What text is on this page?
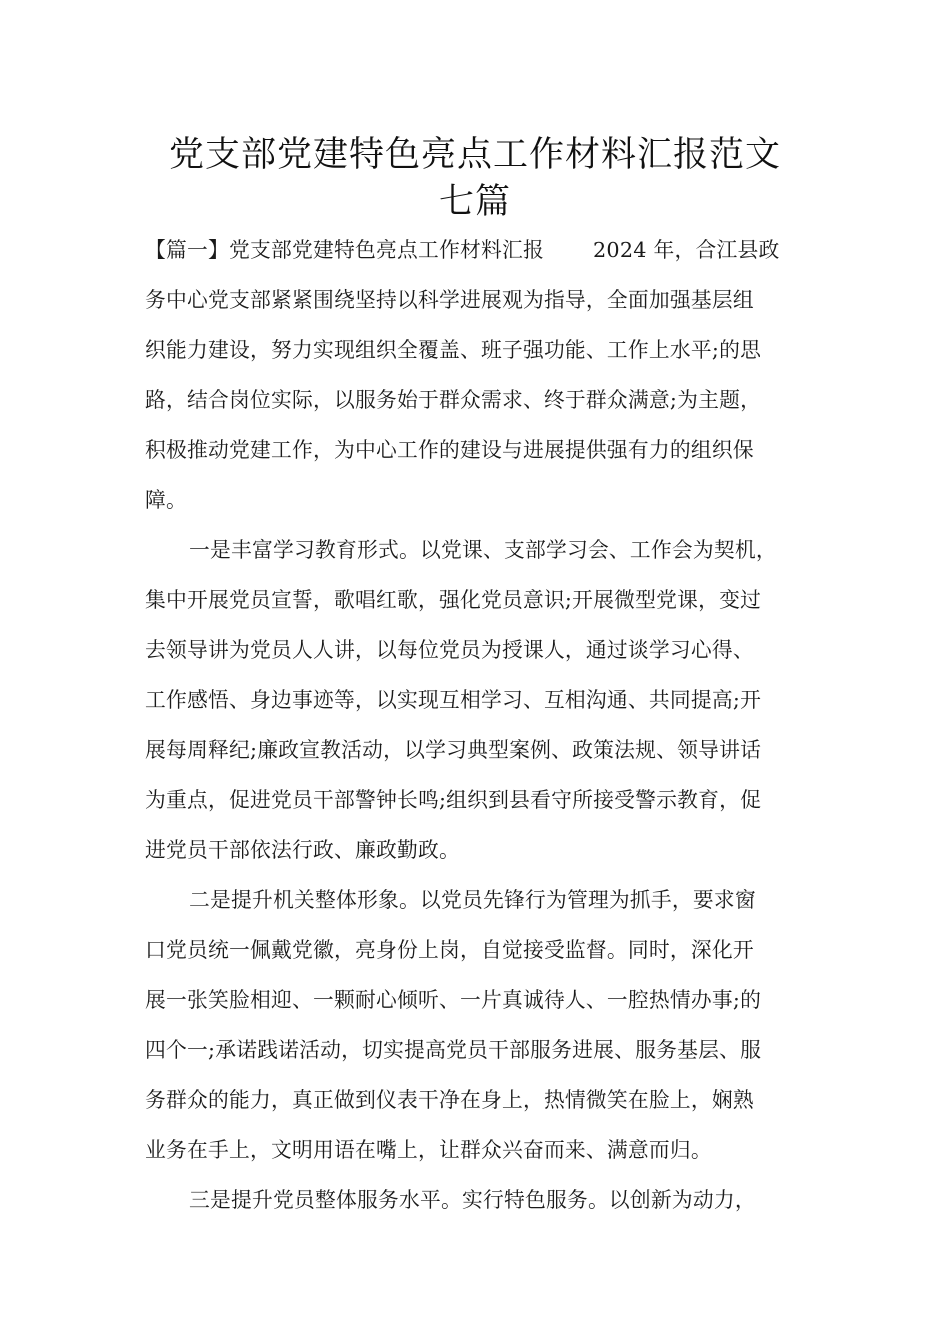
党支部党建特色亮点工作材料汇报范文
七篇
【篇一】党支部党建特色亮点工作材料汇报 2024 年，合江县政
务中心党支部紧紧围绕坚持以科学进展观为指导，全面加强基层组
织能力建设，努力实现组织全覆盖、班子强功能、工作上水平;的思
路，结合岗位实际，以服务始于群众需求、终于群众满意;为主题，
积极推动党建工作，为中心工作的建设与进展提供强有力的组织保
障。
一是丰富学习教育形式。以党课、支部学习会、工作会为契机，
集中开展党员宣誓，歌唱红歌，强化党员意识;开展微型党课，变过
去领导讲为党员人人讲，以每位党员为授课人，通过谈学习心得、
工作感悟、身边事迹等，以实现互相学习、互相沟通、共同提高;开
展每周释纪;廉政宣教活动，以学习典型案例、政策法规、领导讲话
为重点，促进党员干部警钟长鸣;组织到县看守所接受警示教育，促
进党员干部依法行政、廉政勤政。
二是提升机关整体形象。以党员先锋行为管理为抓手，要求窗
口党员统一佩戴党徽，亮身份上岗，自觉接受监督。同时，深化开
展一张笑脸相迎、一颗耐心倾听、一片真诚待人、一腔热情办事;的
四个一;承诺践诺活动，切实提高党员干部服务进展、服务基层、服
务群众的能力，真正做到仪表干净在身上，热情微笑在脸上，娴熟
业务在手上，文明用语在嘴上，让群众兴奋而来、满意而归。
三是提升党员整体服务水平。实行特色服务。以创新为动力，
